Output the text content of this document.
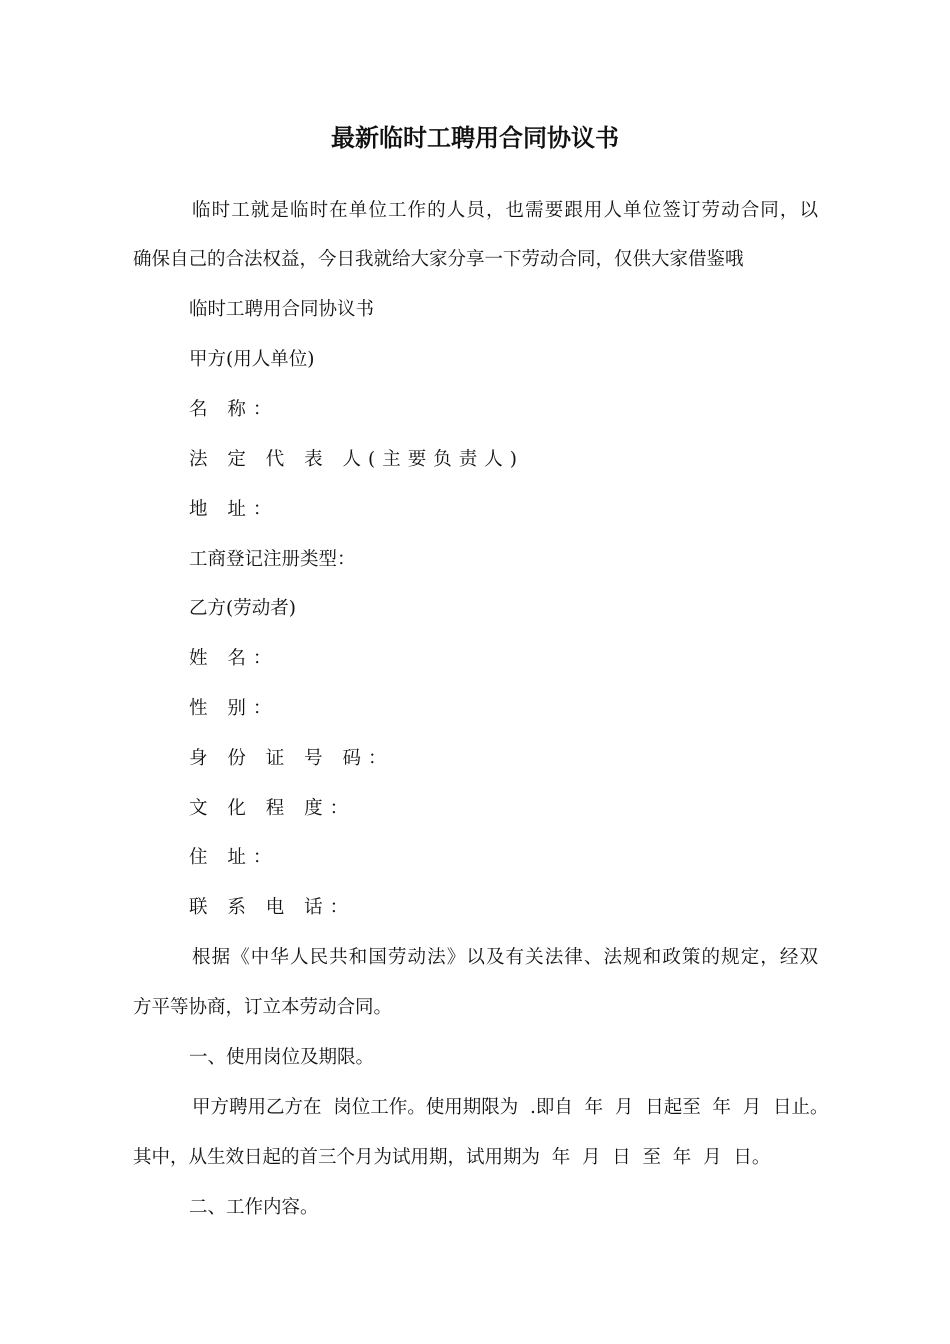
最新临时工聘用合同协议书
临时工就是临时在单位工作的人员，也需要跟用人单位签订劳动合同，以
确保自己的合法权益，今日我就给大家分享一下劳动合同，仅供大家借鉴哦
临时工聘用合同协议书
甲方(用人单位)
名 称：
法 定 代 表 人(主要负责人)
地 址：
工商登记注册类型：
乙方(劳动者)
姓 名：
性 别：
身 份 证 号 码：
文 化 程 度：
住 址：
联 系 电 话：
根据《中华人民共和国劳动法》以及有关法律、法规和政策的规定，经双
方平等协商，订立本劳动合同。
一、使用岗位及期限。
甲方聘用乙方在  岗位工作。使用期限为  .即自  年  月  日起至  年  月  日止。
其中，从生效日起的首三个月为试用期，试用期为  年  月  日  至  年  月  日。
二、工作内容。
